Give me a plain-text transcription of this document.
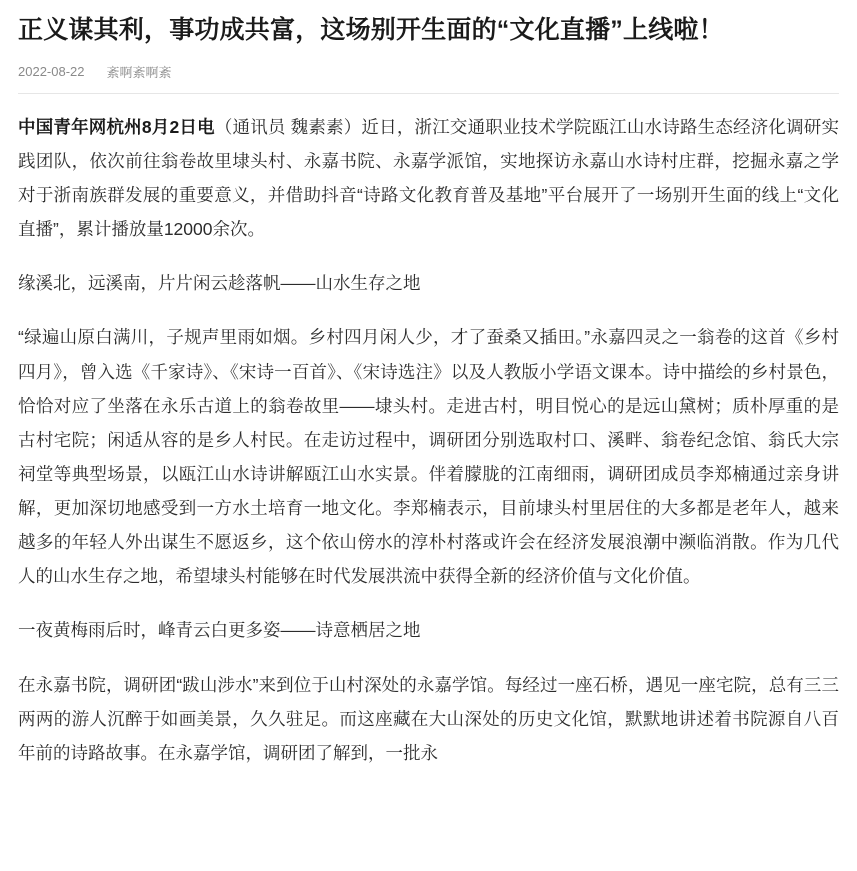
正义谋其利，事功成共富，这场别开生面的“文化直播”上线啦！
2022-08-22 紊啊紊啊紊

中国青年网杭州8月2日电（通讯员 魏素素）近日，浙江交通职业技术学院瓯江山水诗路生态经济化调研实践团队，依次前往翁卷故里埭头村、永嘉书院、永嘉学派馆，实地探访永嘉山水诗村庄群，挖掘永嘉之学对于浙南族群发展的重要意义，并借助抖音“诗路文化教育普及基地”平台展开了一场别开生面的线上“文化直播”，累计播放量12000余次。

缘溪北，远溪南，片片闲云趁落帆——山水生存之地

“绿遍山原白满川，子规声里雨如烟。乡村四月闲人少，才了蚕桑又插田。”永嘉四灵之一翁卷的这首《乡村四月》，曾入选《千家诗》、《宋诗一百首》、《宋诗选注》以及人教版小学语文课本。诗中描绘的乡村景色，恰恰对应了坐落在永乐古道上的翁卷故里——埭头村。走进古村，明目悦心的是远山黛树；质朴厚重的是古村宅院；闲适从容的是乡人村民。在走访过程中，调研团分别选取村口、溪畔、翁卷纪念馆、翁氏大宗祠堂等典型场景，以瓯江山水诗讲解瓯江山水实景。伴着朦胧的江南细雨，调研团成员李郑楠通过亲身讲解，更加深切地感受到一方水土培育一地文化。李郑楠表示，目前埭头村里居住的大多都是老年人，越来越多的年轻人外出谋生不愿返乡，这个依山傍水的淳朴村落或许会在经济发展浪潮中濒临消散。作为几代人的山水生存之地，希望埭头村能够在时代发展洪流中获得全新的经济价值与文化价值。

一夜黄梅雨后时，峰青云白更多姿——诗意栖居之地

在永嘉书院，调研团“跋山涉水”来到位于山村深处的永嘉学馆。每经过一座石桥，遇见一座宅院，总有三三两两的游人沉醉于如画美景，久久驻足。而这座藏在大山深处的历史文化馆，默默地讲述着书院源自八百年前的诗路故事。在永嘉学馆，调研团了解到，一批永
